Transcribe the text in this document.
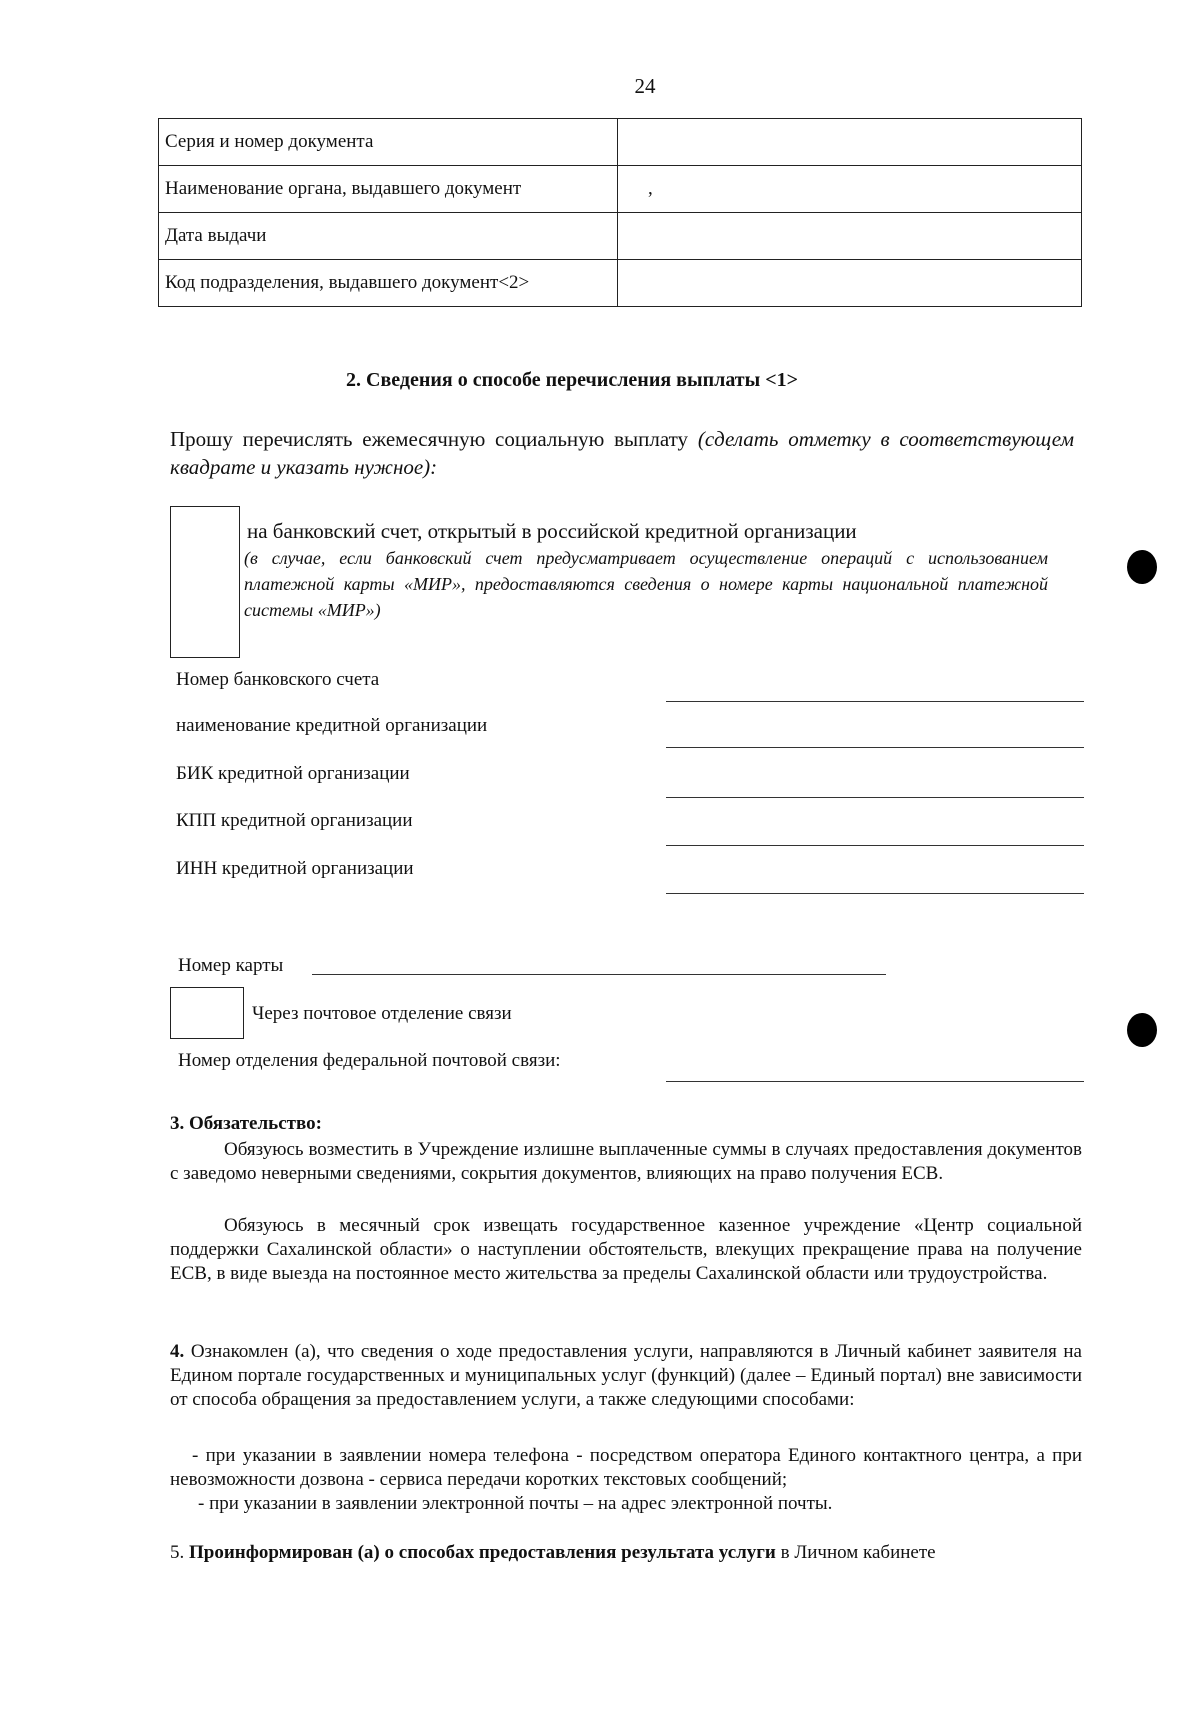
24
Серия и номер документа	
Наименование органа, выдавшего документ	,
Дата выдачи	
Код подразделения, выдавшего документ<2>	
2. Сведения о способе перечисления выплаты <1>
Прошу перечислять ежемесячную социальную выплату (сделать отметку в соответствующем квадрате и указать нужное):
на банковский счет, открытый в российской кредитной организации
(в случае, если банковский счет предусматривает осуществление операций с использованием платежной карты «МИР», предоставляются сведения о номере карты национальной платежной системы «МИР»)
Номер банковского счета
наименование кредитной организации
БИК кредитной организации
КПП кредитной организации
ИНН кредитной организации
Номер карты
Через почтовое отделение связи
Номер отделения федеральной почтовой связи:
3. Обязательство:
Обязуюсь возместить в Учреждение излишне выплаченные суммы в случаях предоставления документов с заведомо неверными сведениями, сокрытия документов, влияющих на право получения ЕСВ.
Обязуюсь в месячный срок извещать государственное казенное учреждение «Центр социальной поддержки Сахалинской области» о наступлении обстоятельств, влекущих прекращение права на получение ЕСВ, в виде выезда на постоянное место жительства за пределы Сахалинской области или трудоустройства.
4. Ознакомлен (а), что сведения о ходе предоставления услуги, направляются в Личный кабинет заявителя на Едином портале государственных и муниципальных услуг (функций) (далее – Единый портал) вне зависимости от способа обращения за предоставлением услуги, а также следующими способами:
- при указании в заявлении номера телефона - посредством оператора Единого контактного центра, а при невозможности дозвона - сервиса передачи коротких текстовых сообщений;
- при указании в заявлении электронной почты – на адрес электронной почты.
5. Проинформирован (а) о способах предоставления результата услуги в Личном кабинете
